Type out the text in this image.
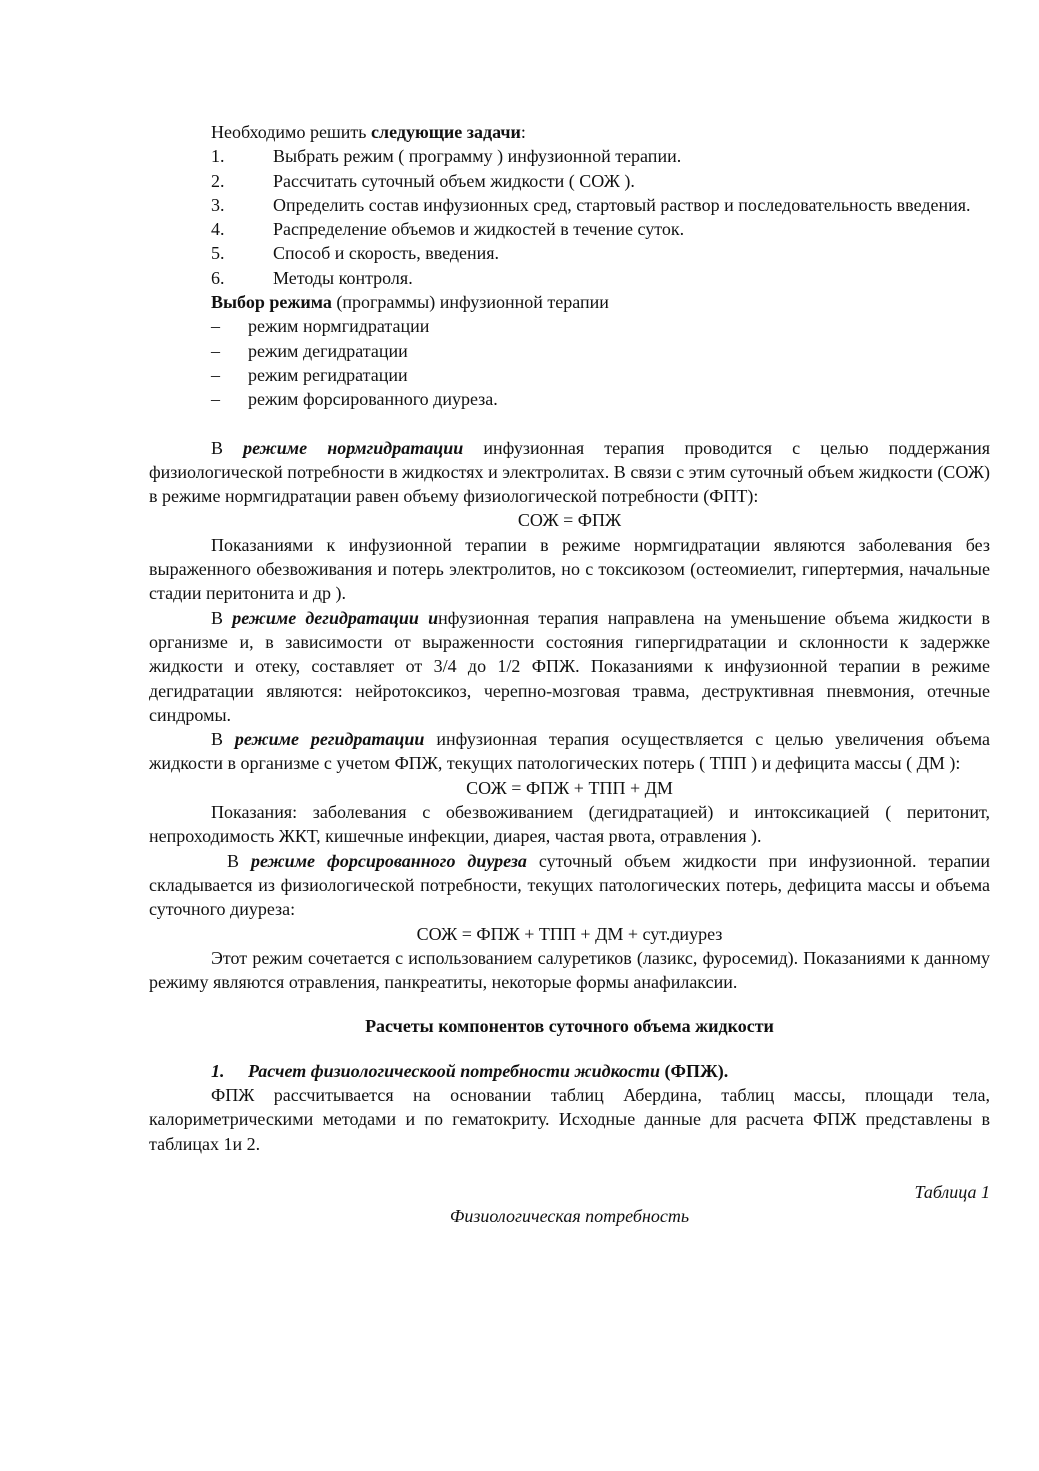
Необходимо решить следующие задачи:

1.	Выбрать режим ( программу ) инфузионной терапии.
2.	Рассчитать суточный объем жидкости ( СОЖ ).

3.	Определить состав инфузионных сред, стартовый раствор и последовательность введения.

4.	Распределение объемов и жидкостей в течение суток.
5.	Способ и скорость, введения.
6.	Методы контроля.

Выбор режима (программы) инфузионной терапии

–	режим нормгидратации
–	режим дегидратации
–	режим регидратации
–	режим форсированного диуреза.

В режиме нормгидратации инфузионная терапия проводится с целью поддержания физиологической потребности в жидкостях и электролитах. В связи с этим суточный объем жидкости (СОЖ) в режиме нормгидратации равен объему физиологической потребности (ФПТ):

СОЖ = ФПЖ

Показаниями к инфузионной терапии в режиме нормгидратации являются заболевания без выраженного обезвоживания и потерь электролитов, но с токсикозом (остеомиелит, гипертермия, начальные стадии перитонита и др ).

В режиме дегидратации инфузионная терапия направлена на уменьшение объема жидкости в организме и, в зависимости от выраженности состояния гипергидратации и склонности к задержке жидкости и отеку, составляет от 3/4 до 1/2 ФПЖ. Показаниями к инфузионной терапии в режиме дегидратации являются: нейротоксикоз, черепно-мозговая травма, деструктивная пневмония, отечные синдромы.

В режиме регидратации инфузионная терапия осуществляется с целью увеличения объема жидкости в организме с учетом ФПЖ, текущих патологических потерь ( ТПП ) и дефицита массы ( ДМ ):

СОЖ = ФПЖ + ТПП + ДМ

Показания: заболевания с обезвоживанием (дегидратацией) и интоксикацией ( перитонит, непроходимость ЖКТ, кишечные инфекции, диарея, частая рвота, отравления ).

В режиме форсированного диуреза суточный объем жидкости при инфузионной. терапии складывается из физиологической потребности, текущих патологических потерь, дефицита массы и объема суточного диуреза:

СОЖ = ФПЖ + ТПП + ДМ + сут.диурез

Этот режим сочетается с использованием салуретиков (лазикс, фуросемид). Показаниями к данному режиму являются отравления, панкреатиты, некоторые формы анафилаксии.

Расчеты компонентов суточного объема жидкости

1.	Расчет физиологическоой потребности жидкости (ФПЖ).

ФПЖ рассчитывается на основании таблиц Абердина, таблиц массы, площади тела, калориметрическими методами и по гематокриту. Исходные данные для расчета ФПЖ представлены в таблицах 1и 2.

Таблица 1

Физиологическая потребность
